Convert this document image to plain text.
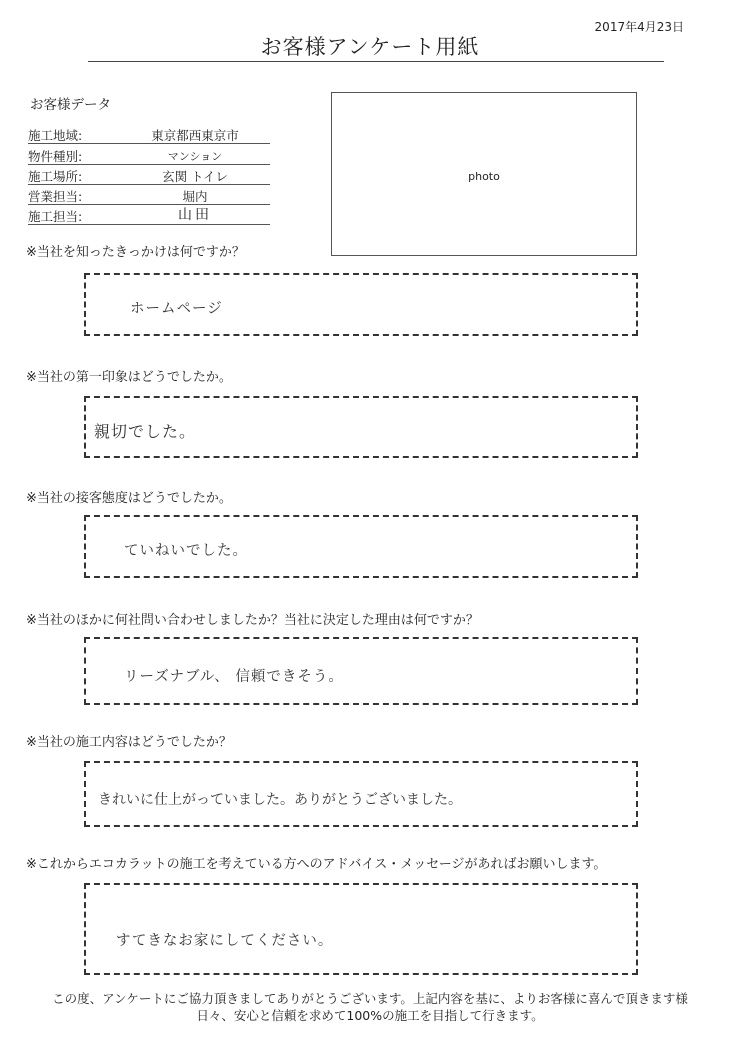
2017年4月23日
お客様アンケート用紙
お客様データ
施工地域:	東京都西東京市
物件種別:	マンション
施工場所:	玄関 トイレ
営業担当:	堀内
施工担当:	山田
photo
※当社を知ったきっかけは何ですか？
ホームページ
※当社の第一印象はどうでしたか。
親切でした。
※当社の接客態度はどうでしたか。
ていねいでした。
※当社のほかに何社問い合わせしましたか？当社に決定した理由は何ですか？
リーズナブル、 信頼できそう。
※当社の施工内容はどうでしたか？
きれいに仕上がっていました。ありがとうございました。
※これからエコカラットの施工を考えている方へのアドバイス・メッセージがあればお願いします。
すてきなお家にしてください。
この度、アンケートにご協力頂きましてありがとうございます。上記内容を基に、よりお客様に喜んで頂きます様
日々、安心と信頼を求めて100%の施工を目指して行きます。
